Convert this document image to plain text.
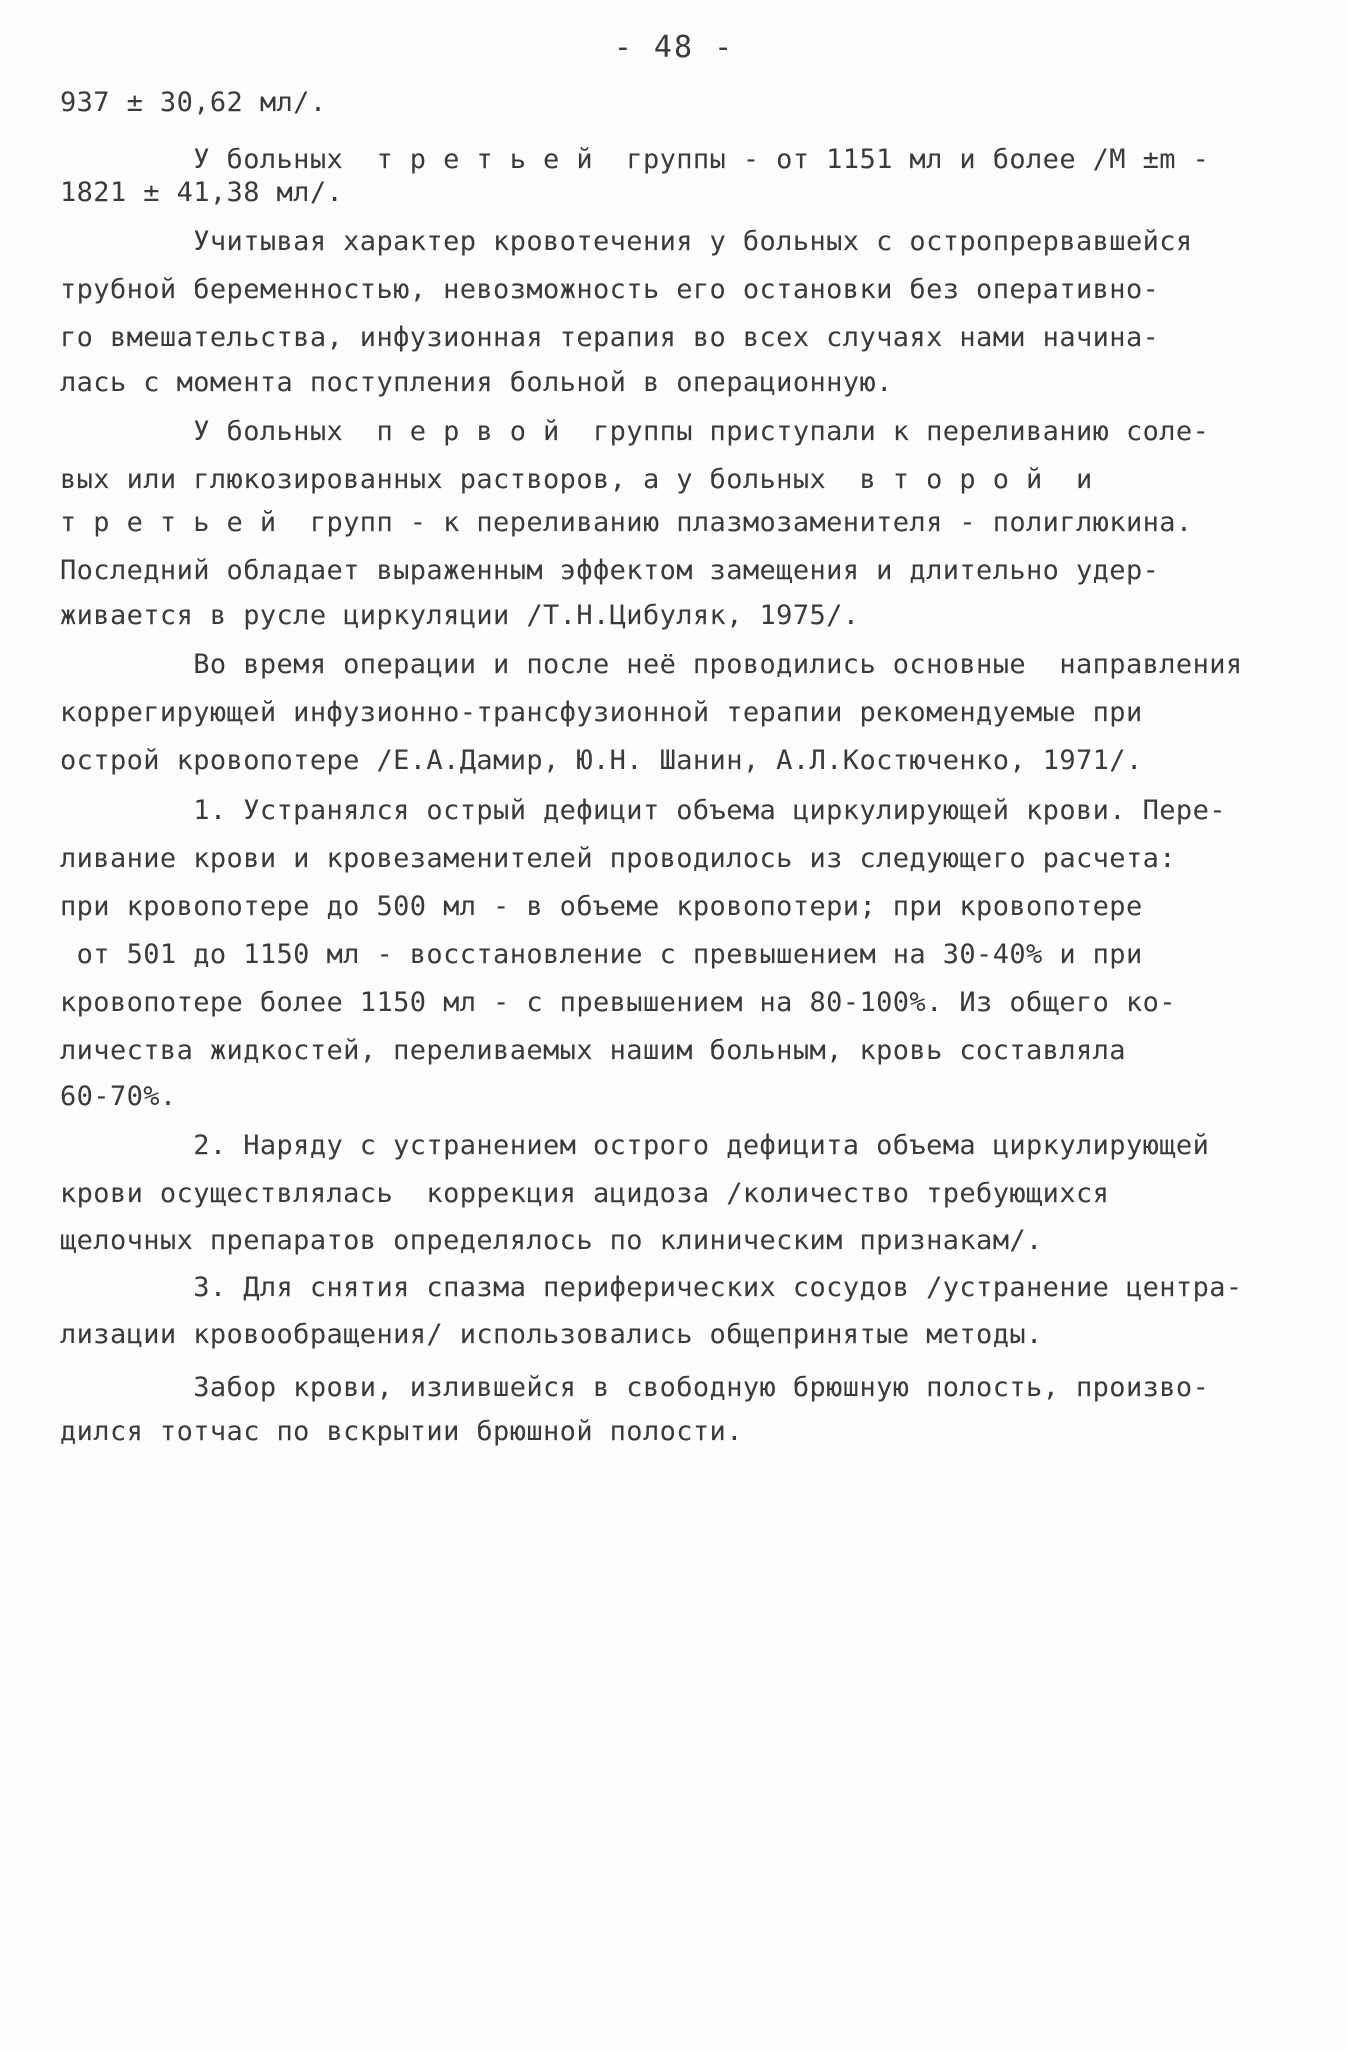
- 48 -
937 ± 30,62 мл/.
У больных  т р е т ь е й  группы - от 1151 мл и более /M ±m -
1821 ± 41,38 мл/.
Учитывая характер кровотечения у больных с остропрервавшейся
трубной беременностью, невозможность его остановки без оперативно-
го вмешательства, инфузионная терапия во всех случаях нами начина-
лась с момента поступления больной в операционную.
У больных  п е р в о й  группы приступали к переливанию соле-
вых или глюкозированных растворов, а у больных  в т о р о й  и
т р е т ь е й  групп - к переливанию плазмозаменителя - полиглюкина.
Последний обладает выраженным эффектом замещения и длительно удер-
живается в русле циркуляции /Т.Н.Цибуляк, 1975/.
Во время операции и после неё проводились основные  направления
коррегирующей инфузионно-трансфузионной терапии рекомендуемые при
острой кровопотере /Е.А.Дамир, Ю.Н. Шанин, А.Л.Костюченко, 1971/.
1. Устранялся острый дефицит объема циркулирующей крови. Пере-
ливание крови и кровезаменителей проводилось из следующего расчета:
при кровопотере до 500 мл - в объеме кровопотери; при кровопотере
от 501 до 1150 мл - восстановление с превышением на 30-40% и при
кровопотере более 1150 мл - с превышением на 80-100%. Из общего ко-
личества жидкостей, переливаемых нашим больным, кровь составляла
60-70%.
2. Наряду с устранением острого дефицита объема циркулирующей
крови осуществлялась  коррекция ацидоза /количество требующихся
щелочных препаратов определялось по клиническим признакам/.
3. Для снятия спазма периферических сосудов /устранение центра-
лизации кровообращения/ использовались общепринятые методы.
Забор крови, излившейся в свободную брюшную полость, произво-
дился тотчас по вскрытии брюшной полости.
